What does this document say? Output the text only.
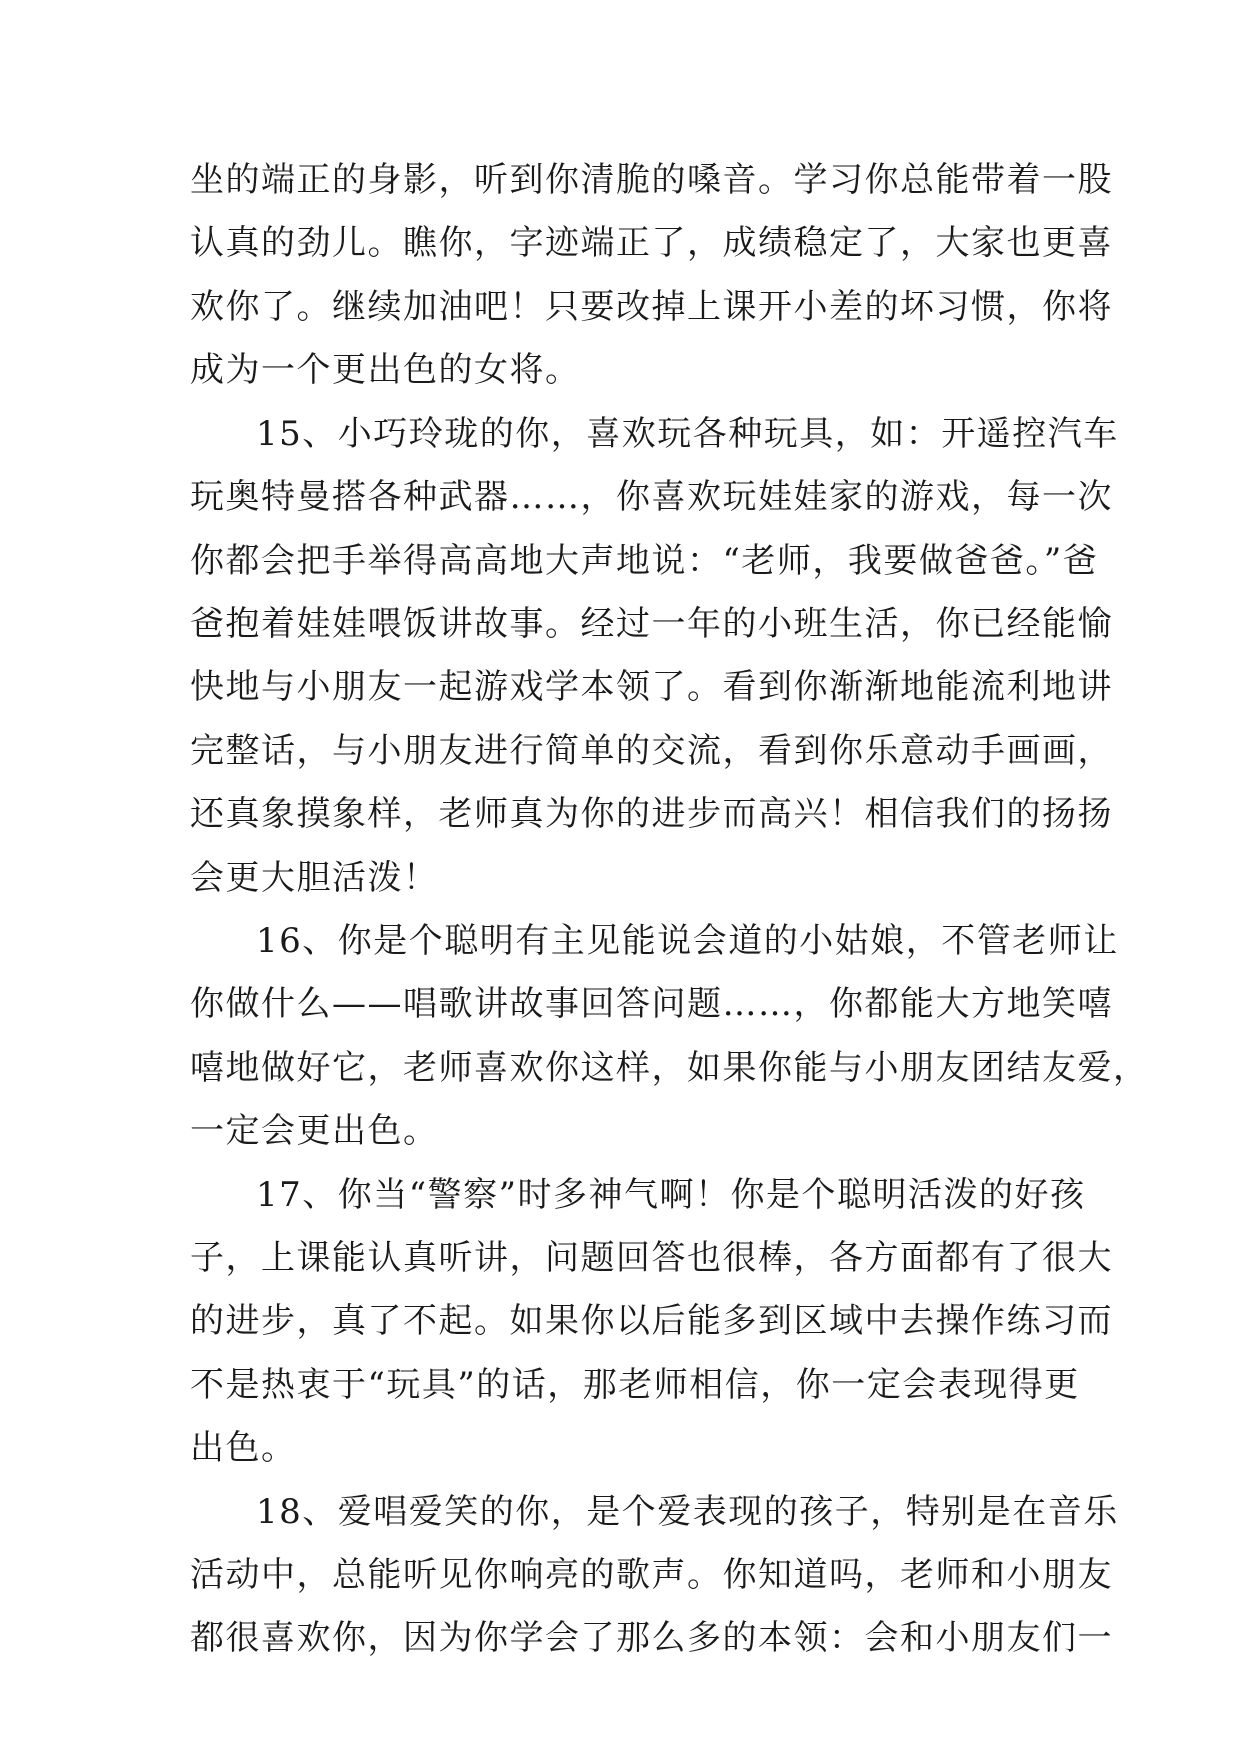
坐的端正的身影，听到你清脆的嗓音。学习你总能带着一股
认真的劲儿。瞧你，字迹端正了，成绩稳定了，大家也更喜
欢你了。继续加油吧！只要改掉上课开小差的坏习惯，你将
成为一个更出色的女将。
15、小巧玲珑的你，喜欢玩各种玩具，如：开遥控汽车
玩奥特曼搭各种武器……，你喜欢玩娃娃家的游戏，每一次
你都会把手举得高高地大声地说：“老师，我要做爸爸。”爸
爸抱着娃娃喂饭讲故事。经过一年的小班生活，你已经能愉
快地与小朋友一起游戏学本领了。看到你渐渐地能流利地讲
完整话，与小朋友进行简单的交流，看到你乐意动手画画，
还真象摸象样，老师真为你的进步而高兴！相信我们的扬扬
会更大胆活泼！
16、你是个聪明有主见能说会道的小姑娘，不管老师让
你做什么——唱歌讲故事回答问题……，你都能大方地笑嘻
嘻地做好它，老师喜欢你这样，如果你能与小朋友团结友爱，
一定会更出色。
17、你当“警察”时多神气啊！你是个聪明活泼的好孩
子，上课能认真听讲，问题回答也很棒，各方面都有了很大
的进步，真了不起。如果你以后能多到区域中去操作练习而
不是热衷于“玩具”的话，那老师相信，你一定会表现得更
出色。
18、爱唱爱笑的你，是个爱表现的孩子，特别是在音乐
活动中，总能听见你响亮的歌声。你知道吗，老师和小朋友
都很喜欢你，因为你学会了那么多的本领：会和小朋友们一
